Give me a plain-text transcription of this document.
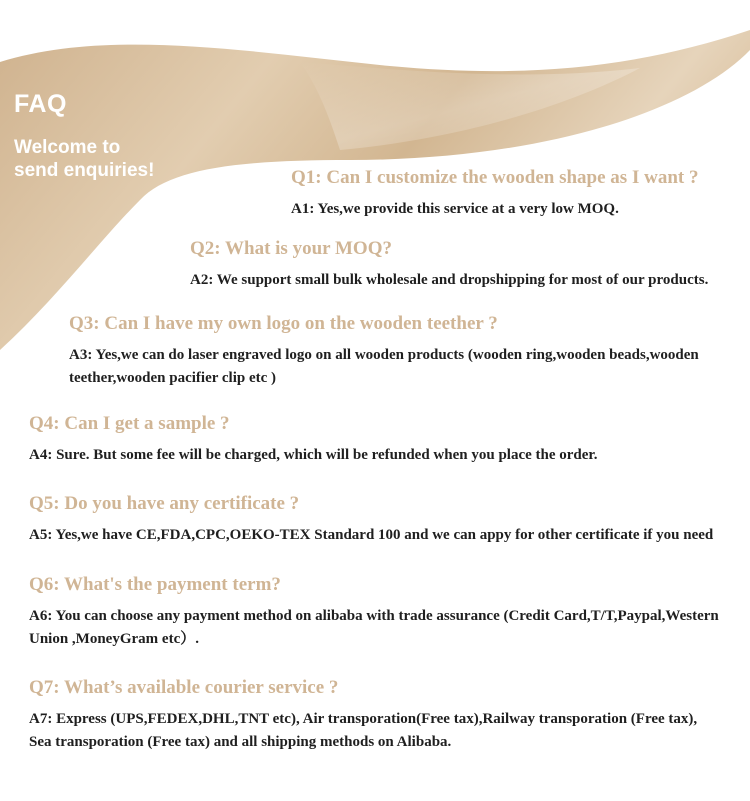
FAQ

Welcome to
send enquiries!	Q1: Can I customize the wooden shape as I want ?

A1: Yes,we provide this service at a very low MOQ.

Q2: What is your MOQ?

A2: We support small bulk wholesale and dropshipping for most of our products.

Q3: Can I have my own logo on the wooden teether ?

A3: Yes,we can do laser engraved logo on all wooden products (wooden ring,wooden beads,wooden
teether,wooden pacifier clip etc )

Q4: Can I get a sample ?

A4: Sure. But some fee will be charged, which will be refunded when you place the order.

Q5: Do you have any certificate ?

A5: Yes,we have CE,FDA,CPC,OEKO-TEX Standard 100 and we can appy for other certificate if you need

Q6: What's the payment term?

A6: You can choose any payment method on alibaba with trade assurance (Credit Card,T/T,Paypal,Western
Union ,MoneyGram etc）.

Q7: What’s available courier service ?

A7: Express (UPS,FEDEX,DHL,TNT etc), Air transporation(Free tax),Railway transporation (Free tax),
Sea transporation (Free tax) and all shipping methods on Alibaba.
